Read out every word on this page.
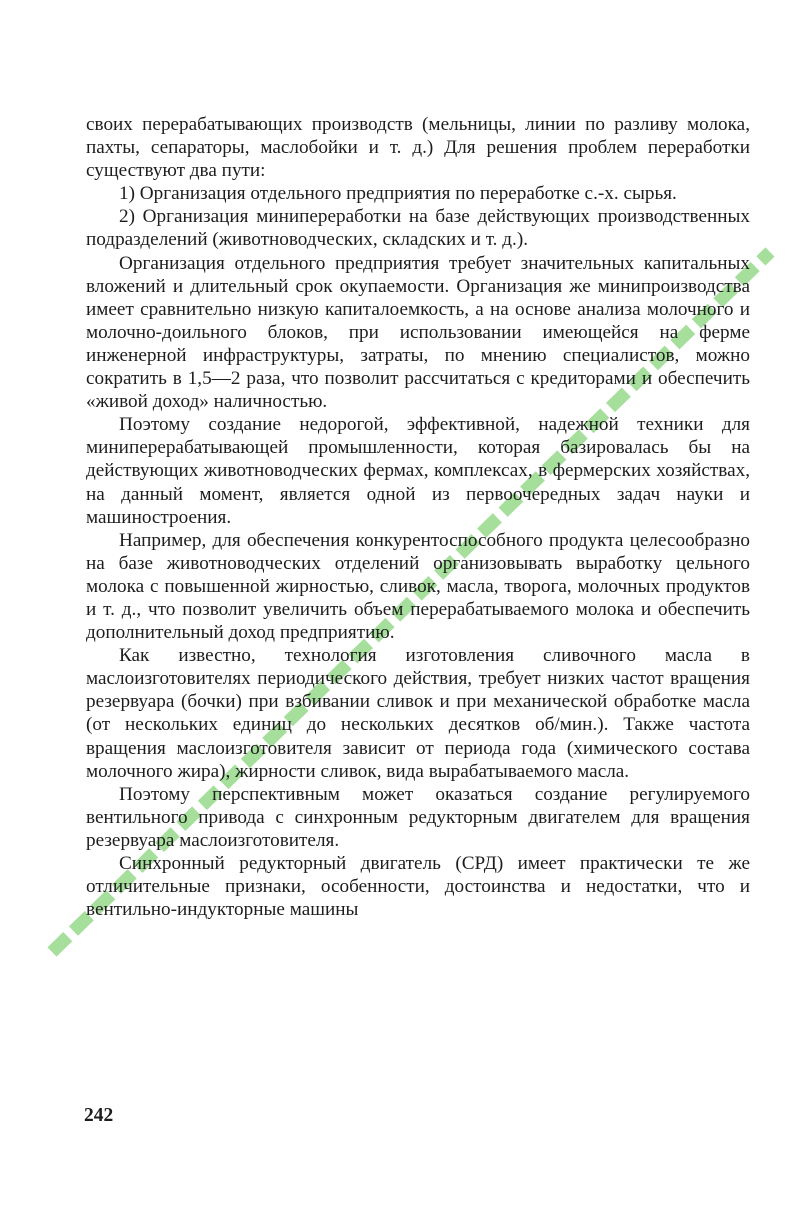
своих перерабатывающих производств (мельницы, линии по разливу молока, пахты, сепараторы, маслобойки и т. д.) Для решения проблем переработки существуют два пути:

1) Организация отдельного предприятия по переработке с.-х. сырья.

2) Организация минипереработки на базе действующих производственных подразделений (животноводческих, складских и т. д.).

Организация отдельного предприятия требует значительных капитальных вложений и длительный срок окупаемости. Организация же минипроизводства имеет сравнительно низкую капиталоемкость, а на основе анализа молочного и молочно-доильного блоков, при использовании имеющейся на ферме инженерной инфраструктуры, затраты, по мнению специалистов, можно сократить в 1,5—2 раза, что позволит рассчитаться с кредиторами и обеспечить «живой доход» наличностью.

Поэтому создание недорогой, эффективной, надежной техники для миниперерабатывающей промышленности, которая базировалась бы на действующих животноводческих фермах, комплексах, в фермерских хозяйствах, на данный момент, является одной из первоочередных задач науки и машиностроения.

Например, для обеспечения конкурентоспособного продукта целесообразно на базе животноводческих отделений организовывать выработку цельного молока с повышенной жирностью, сливок, масла, творога, молочных продуктов и т. д., что позволит увеличить объем перерабатываемого молока и обеспечить дополнительный доход предприятию.

Как известно, технология изготовления сливочного масла в маслоизготовителях периодического действия, требует низких частот вращения резервуара (бочки) при взбивании сливок и при механической обработке масла (от нескольких единиц до нескольких десятков об/мин.). Также частота вращения маслоизготовителя зависит от периода года (химического состава молочного жира), жирности сливок, вида вырабатываемого масла.

Поэтому перспективным может оказаться создание регулируемого вентильного привода с синхронным редукторным двигателем для вращения резервуара маслоизготовителя.

Синхронный редукторный двигатель (СРД) имеет практически те же отличительные признаки, особенности, достоинства и недостатки, что и вентильно-индукторные машины

242
